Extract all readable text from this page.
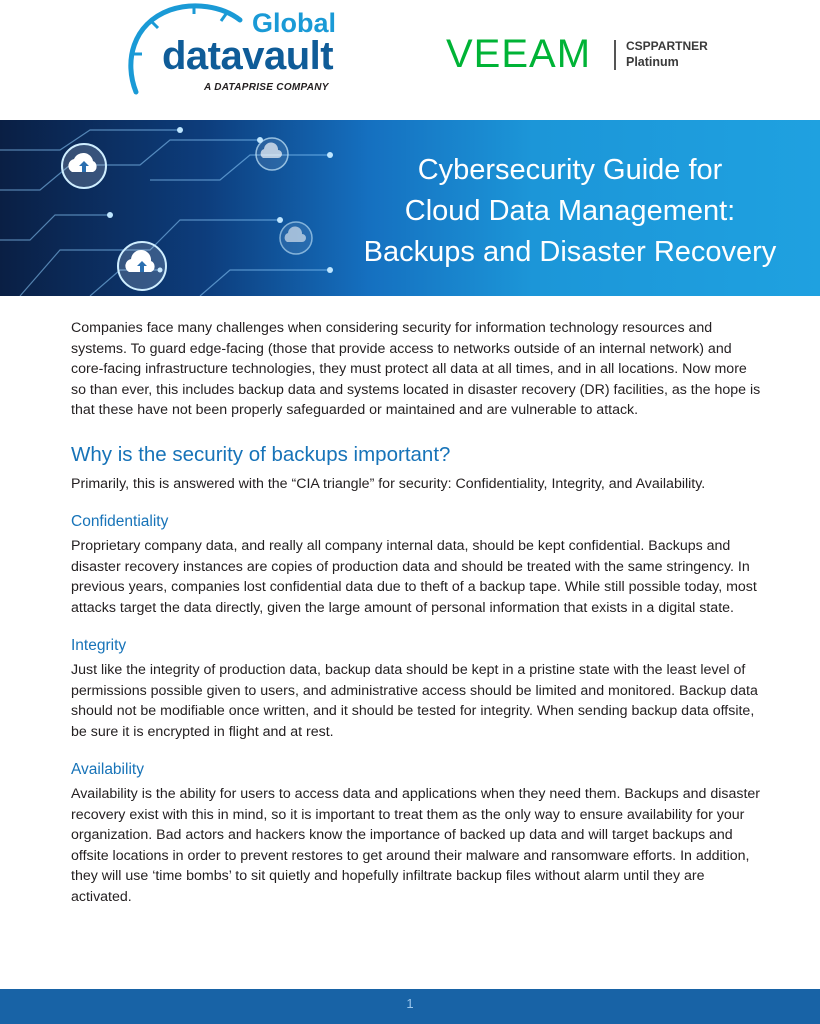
Global
datavault
A DATAPRISE COMPANY
VEEAM	CSPPARTNER
Platinum
Cybersecurity Guide for
Cloud Data Management:
Backups and Disaster Recovery

Companies face many challenges when considering security for information technology resources and systems. To guard edge-facing (those that provide access to networks outside of an internal network) and core-facing infrastructure technologies, they must protect all data at all times, and in all locations. Now more so than ever, this includes backup data and systems located in disaster recovery (DR) facilities, as the hope is that these have not been properly safeguarded or maintained and are vulnerable to attack.

Why is the security of backups important?

Primarily, this is answered with the “CIA triangle” for security: Confidentiality, Integrity, and Availability.

Confidentiality

Proprietary company data, and really all company internal data, should be kept confidential. Backups and disaster recovery instances are copies of production data and should be treated with the same stringency. In previous years, companies lost confidential data due to theft of a backup tape. While still possible today, most attacks target the data directly, given the large amount of personal information that exists in a digital state.

Integrity

Just like the integrity of production data, backup data should be kept in a pristine state with the least level of permissions possible given to users, and administrative access should be limited and monitored. Backup data should not be modifiable once written, and it should be tested for integrity. When sending backup data offsite, be sure it is encrypted in flight and at rest.

Availability

Availability is the ability for users to access data and applications when they need them. Backups and disaster recovery exist with this in mind, so it is important to treat them as the only way to ensure availability for your organization. Bad actors and hackers know the importance of backed up data and will target backups and offsite locations in order to prevent restores to get around their malware and ransomware efforts. In addition, they will use ‘time bombs’ to sit quietly and hopefully infiltrate backup files without alarm until they are activated.

1
